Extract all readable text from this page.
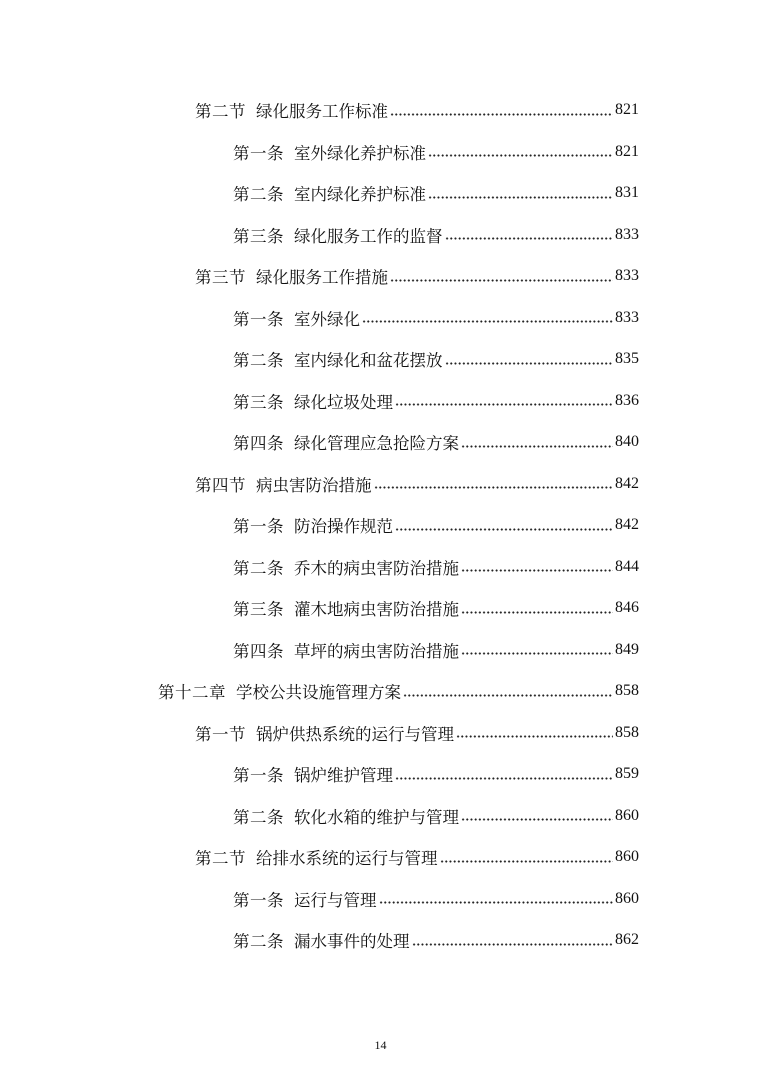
第二节 绿化服务工作标准	821
第一条 室外绿化养护标准	821
第二条 室内绿化养护标准	831
第三条 绿化服务工作的监督	833
第三节 绿化服务工作措施	833
第一条 室外绿化	833
第二条 室内绿化和盆花摆放	835
第三条 绿化垃圾处理	836
第四条 绿化管理应急抢险方案	840
第四节 病虫害防治措施	842
第一条 防治操作规范	842
第二条 乔木的病虫害防治措施	844
第三条 灌木地病虫害防治措施	846
第四条 草坪的病虫害防治措施	849
第十二章 学校公共设施管理方案	858
第一节 锅炉供热系统的运行与管理	858
第一条 锅炉维护管理	859
第二条 软化水箱的维护与管理	860
第二节 给排水系统的运行与管理	860
第一条 运行与管理	860
第二条 漏水事件的处理	862
14
